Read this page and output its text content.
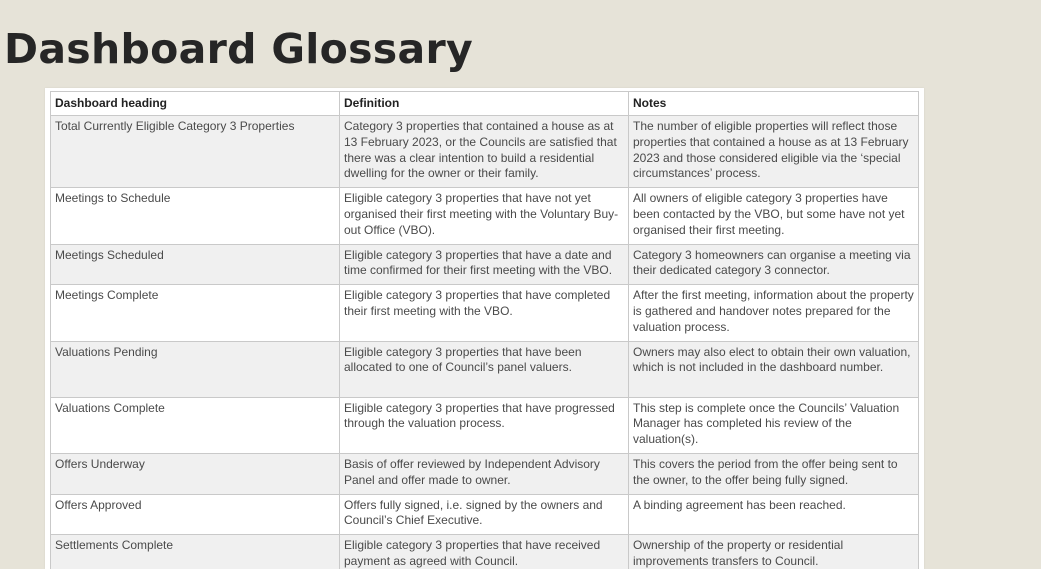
Dashboard Glossary
Dashboard heading	Definition	Notes
Total Currently Eligible Category 3 Properties	Category 3 properties that contained a house as at 13 February 2023, or the Councils are satisfied that there was a clear intention to build a residential dwelling for the owner or their family.	The number of eligible properties will reflect those properties that contained a house as at 13 February 2023 and those considered eligible via the ‘special circumstances’ process.
Meetings to Schedule	Eligible category 3 properties that have not yet organised their first meeting with the Voluntary Buy-out Office (VBO).	All owners of eligible category 3 properties have been contacted by the VBO, but some have not yet organised their first meeting.
Meetings Scheduled	Eligible category 3 properties that have a date and time confirmed for their first meeting with the VBO.	Category 3 homeowners can organise a meeting via their dedicated category 3 connector.
Meetings Complete	Eligible category 3 properties that have completed their first meeting with the VBO.	After the first meeting, information about the property is gathered and handover notes prepared for the valuation process.
Valuations Pending	Eligible category 3 properties that have been allocated to one of Council’s panel valuers.	Owners may also elect to obtain their own valuation, which is not included in the dashboard number.
Valuations Complete	Eligible category 3 properties that have progressed through the valuation process.	This step is complete once the Councils’ Valuation Manager has completed his review of the valuation(s).
Offers Underway	Basis of offer reviewed by Independent Advisory Panel and offer made to owner.	This covers the period from the offer being sent to the owner, to the offer being fully signed.
Offers Approved	Offers fully signed, i.e. signed by the owners and Council’s Chief Executive.	A binding agreement has been reached.
Settlements Complete	Eligible category 3 properties that have received payment as agreed with Council.	Ownership of the property or residential improvements transfers to Council.
